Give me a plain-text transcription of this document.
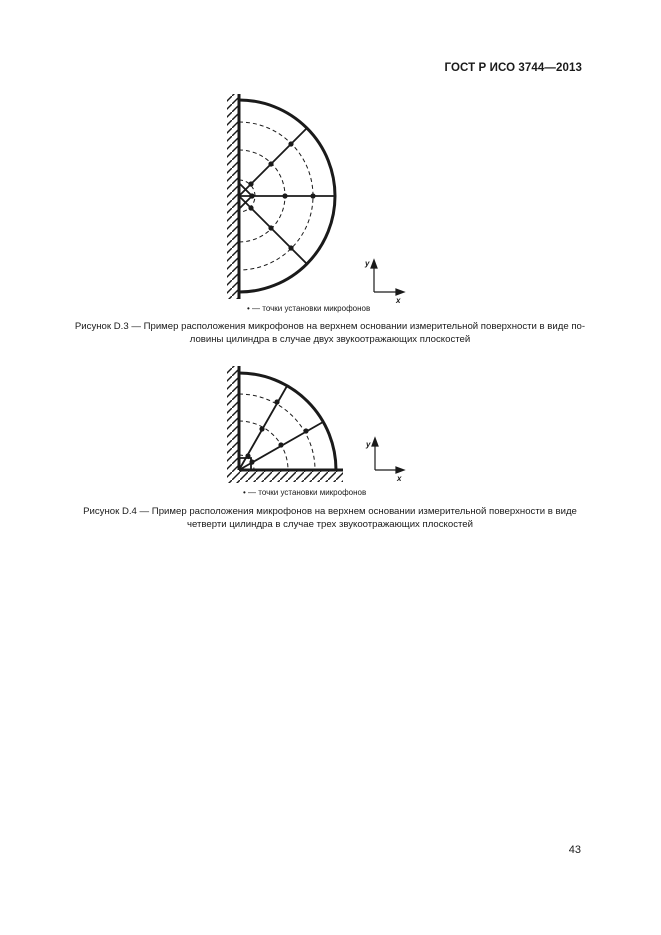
ГОСТ Р ИСО 3744—2013
y
x
• — точки установки микрофонов
Рисунок D.3 — Пример расположения микрофонов на верхнем основании измерительной поверхности в виде по-
ловины цилиндра в случае двух звукоотражающих плоскостей
y
x
• — точки установки микрофонов
Рисунок D.4 — Пример расположения микрофонов на верхнем основании измерительной поверхности в виде
четверти цилиндра в случае трех звукоотражающих плоскостей
43
